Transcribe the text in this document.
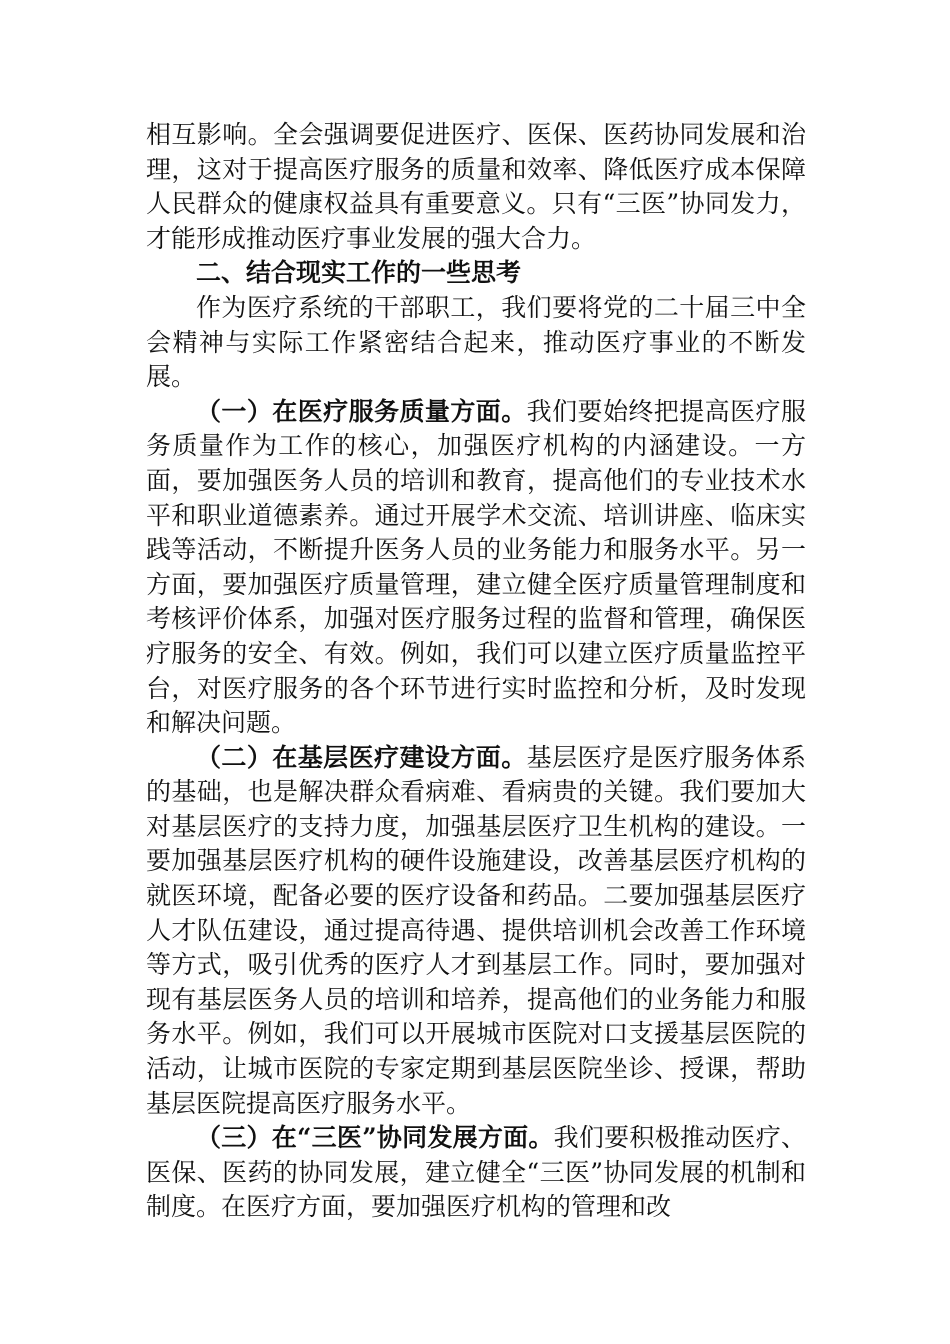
相互影响。全会强调要促进医疗、医保、医药协同发展和治理，这对于提高医疗服务的质量和效率、降低医疗成本保障人民群众的健康权益具有重要意义。只有“三医”协同发力，才能形成推动医疗事业发展的强大合力。

二、结合现实工作的一些思考

作为医疗系统的干部职工，我们要将党的二十届三中全会精神与实际工作紧密结合起来，推动医疗事业的不断发展。

（一）在医疗服务质量方面。我们要始终把提高医疗服务质量作为工作的核心，加强医疗机构的内涵建设。一方面，要加强医务人员的培训和教育，提高他们的专业技术水平和职业道德素养。通过开展学术交流、培训讲座、临床实践等活动，不断提升医务人员的业务能力和服务水平。另一方面，要加强医疗质量管理，建立健全医疗质量管理制度和考核评价体系，加强对医疗服务过程的监督和管理，确保医疗服务的安全、有效。例如，我们可以建立医疗质量监控平台，对医疗服务的各个环节进行实时监控和分析，及时发现和解决问题。

（二）在基层医疗建设方面。基层医疗是医疗服务体系的基础，也是解决群众看病难、看病贵的关键。我们要加大对基层医疗的支持力度，加强基层医疗卫生机构的建设。一要加强基层医疗机构的硬件设施建设，改善基层医疗机构的就医环境，配备必要的医疗设备和药品。二要加强基层医疗人才队伍建设，通过提高待遇、提供培训机会改善工作环境等方式，吸引优秀的医疗人才到基层工作。同时，要加强对现有基层医务人员的培训和培养，提高他们的业务能力和服务水平。例如，我们可以开展城市医院对口支援基层医院的活动，让城市医院的专家定期到基层医院坐诊、授课，帮助基层医院提高医疗服务水平。

（三）在“三医”协同发展方面。我们要积极推动医疗、医保、医药的协同发展，建立健全“三医”协同发展的机制和制度。在医疗方面，要加强医疗机构的管理和改
